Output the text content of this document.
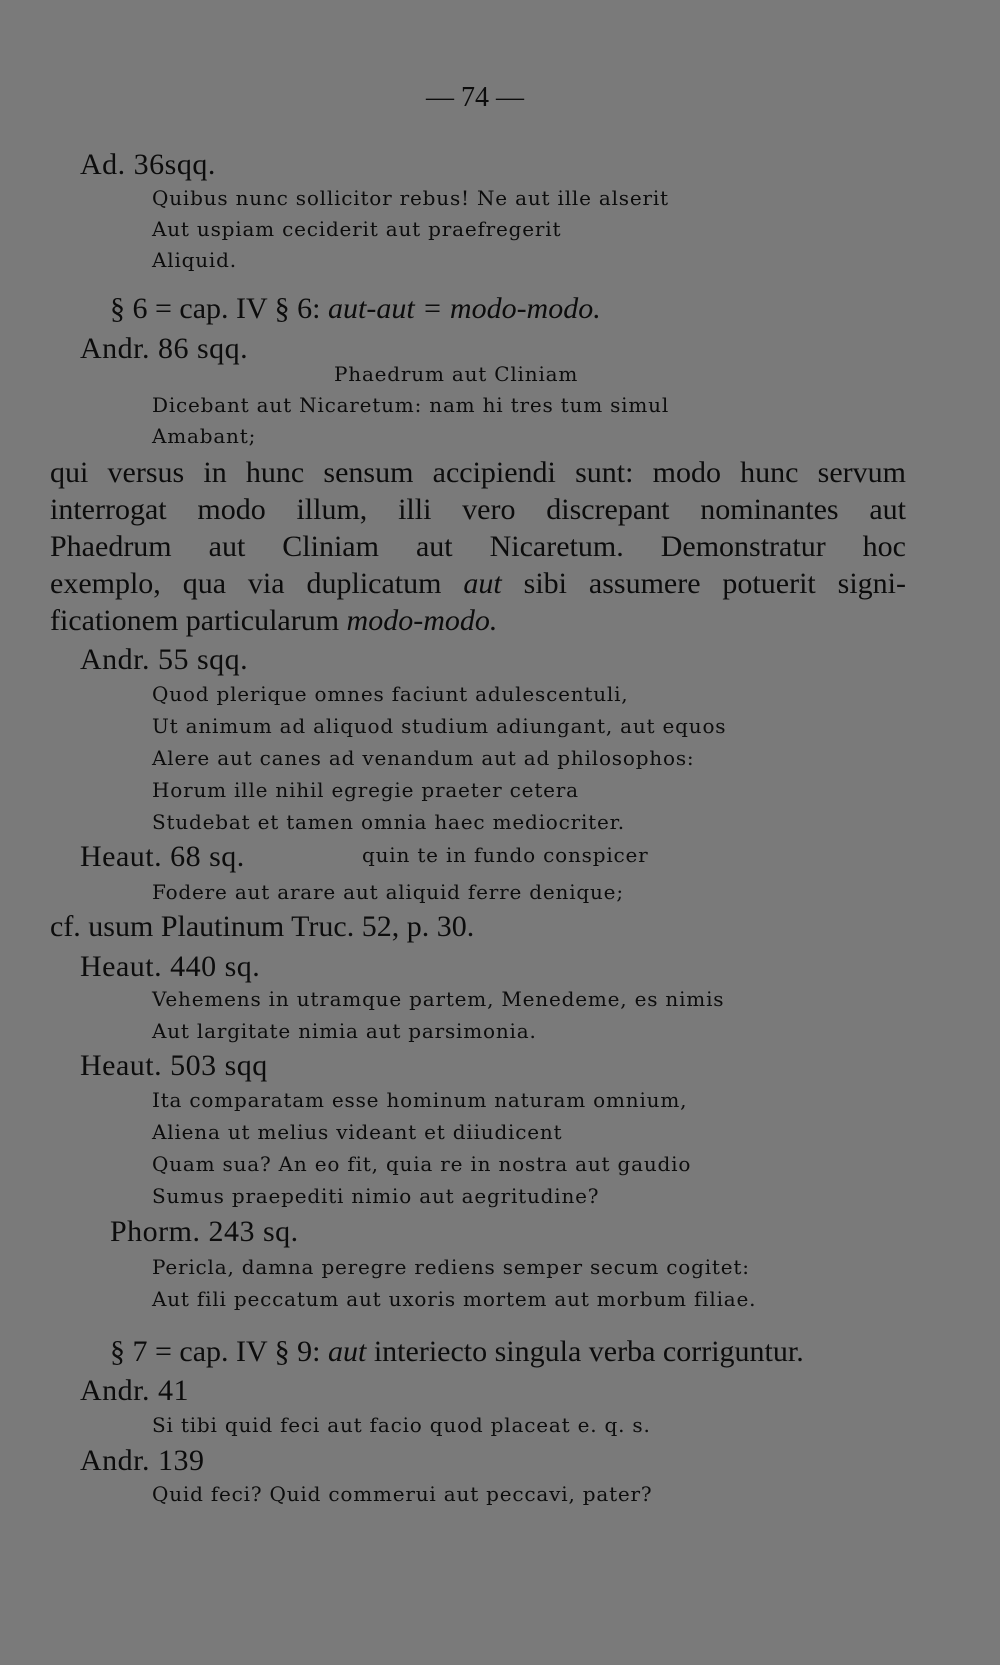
— 74 —
Ad. 36sqq.
Quibus nunc sollicitor rebus! Ne aut ille alserit
Aut uspiam ceciderit aut praefregerit
Aliquid.
§ 6 = cap. IV § 6: aut-aut = modo-modo.
Andr. 86 sqq.
Phaedrum aut Cliniam
Dicebant aut Nicaretum: nam hi tres tum simul
Amabant;
qui versus in hunc sensum accipiendi sunt: modo hunc servum
interrogat modo illum, illi vero discrepant nominantes aut
Phaedrum aut Cliniam aut Nicaretum. Demonstratur hoc
exemplo, qua via duplicatum aut sibi assumere potuerit signi-
ficationem particularum modo-modo.
Andr. 55 sqq.
Quod plerique omnes faciunt adulescentuli,
Ut animum ad aliquod studium adiungant, aut equos
Alere aut canes ad venandum aut ad philosophos:
Horum ille nihil egregie praeter cetera
Studebat et tamen omnia haec mediocriter.
Heaut. 68 sq.	quin te in fundo conspicer
Fodere aut arare aut aliquid ferre denique;
cf. usum Plautinum Truc. 52, p. 30.
Heaut. 440 sq.
Vehemens in utramque partem, Menedeme, es nimis
Aut largitate nimia aut parsimonia.
Heaut. 503 sqq
Ita comparatam esse hominum naturam omnium,
Aliena ut melius videant et diiudicent
Quam sua? An eo fit, quia re in nostra aut gaudio
Sumus praepediti nimio aut aegritudine?
Phorm. 243 sq.
Pericla, damna peregre rediens semper secum cogitet:
Aut fili peccatum aut uxoris mortem aut morbum filiae.
§ 7 = cap. IV § 9: aut interiecto singula verba corriguntur.
Andr. 41
Si tibi quid feci aut facio quod placeat e. q. s.
Andr. 139
Quid feci? Quid commerui aut peccavi, pater?
